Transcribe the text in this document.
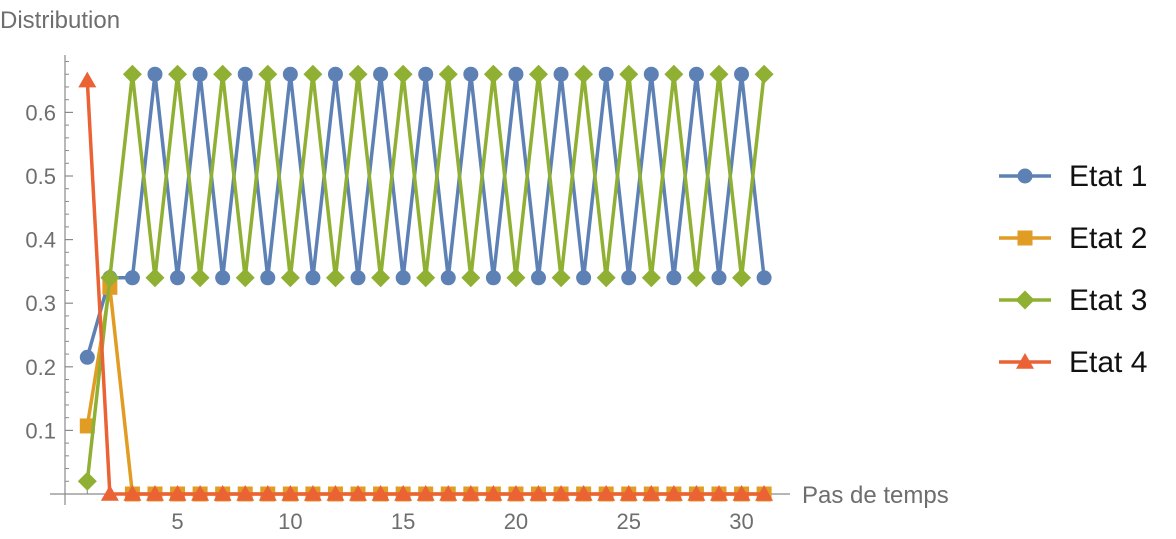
0.1
0.2
0.3
0.4
0.5
0.6
5	10	15	20	25	30
Etat 1
Etat 2
Etat 3
Etat 4
Distribution
Pas de temps
